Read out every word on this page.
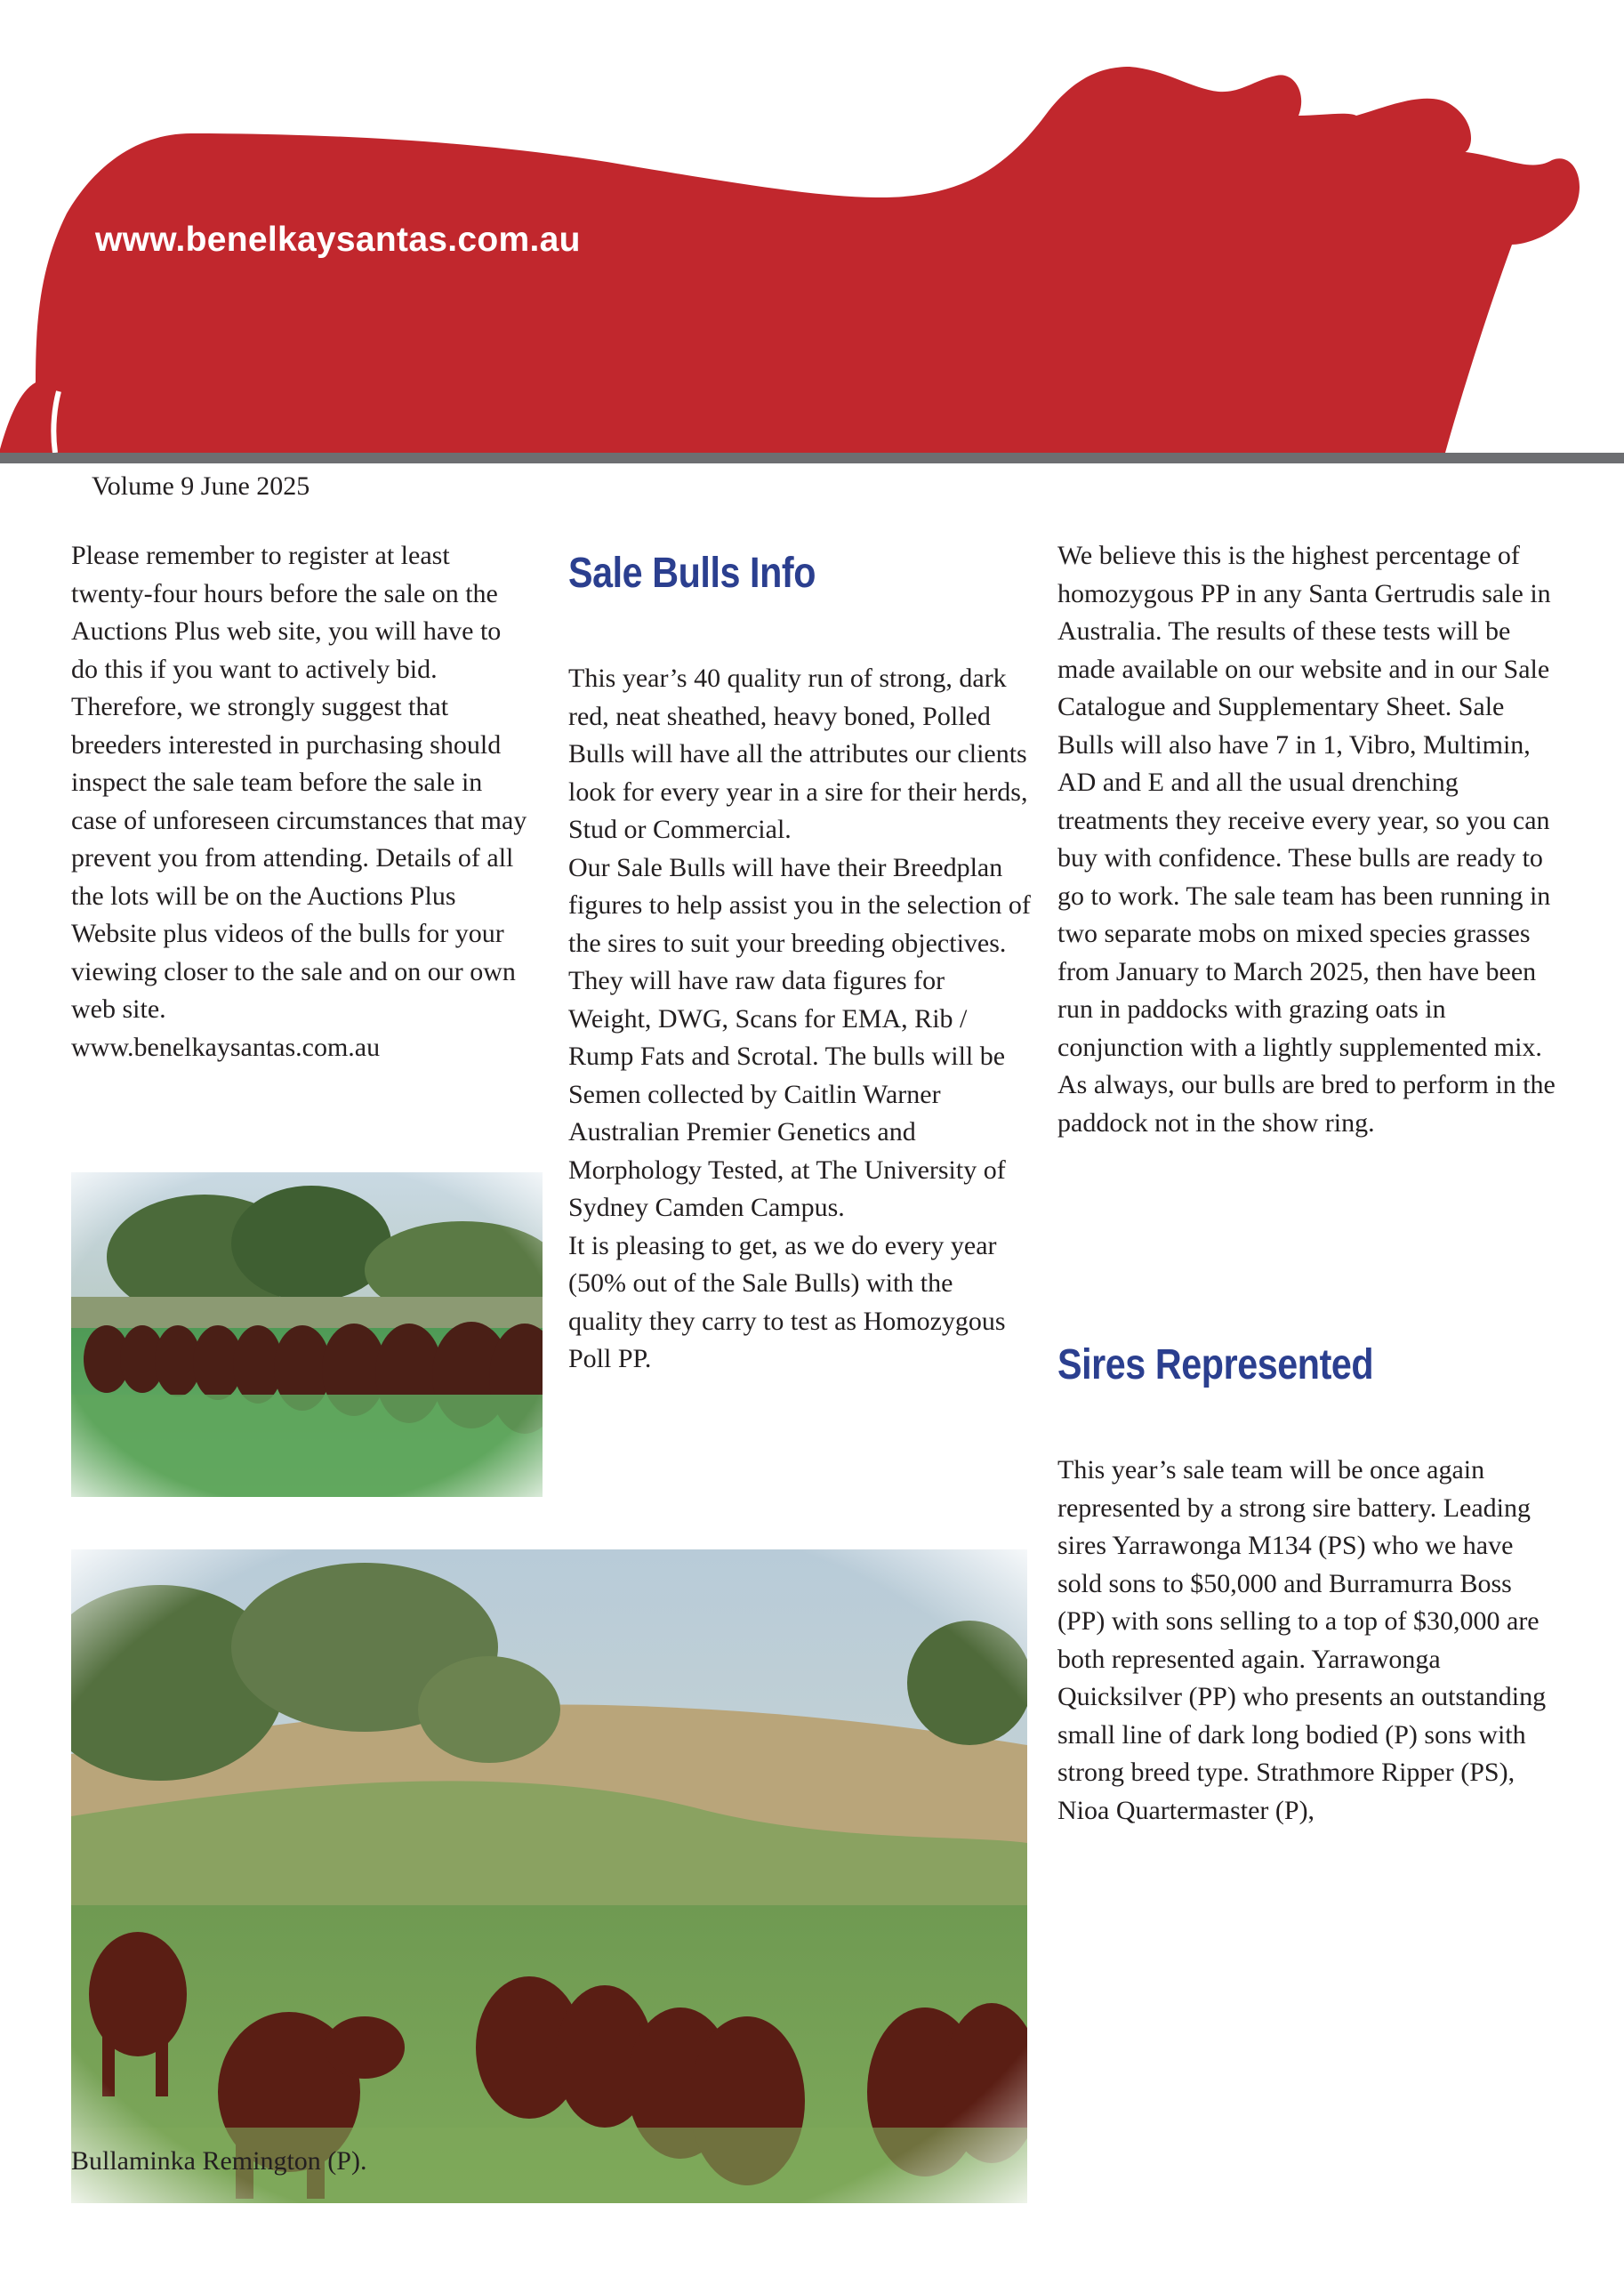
www.benelkaysantas.com.au
Volume 9 June 2025

Please remember to register at least twenty-four hours before the sale on the Auctions Plus web site, you will have to do this if you want to actively bid. Therefore, we strongly suggest that breeders interested in purchasing should inspect the sale team before the sale in case of unforeseen circumstances that may prevent you from attending. Details of all the lots will be on the Auctions Plus Website plus videos of the bulls for your viewing closer to the sale and on our own web site.

www.benelkaysantas.com.au

Sale Bulls Info

This year’s 40 quality run of strong, dark red, neat sheathed, heavy boned, Polled Bulls will have all the attributes our clients look for every year in a sire for their herds, Stud or Commercial.

Our Sale Bulls will have their Breedplan figures to help assist you in the selection of the sires to suit your breeding objectives. They will have raw data figures for Weight, DWG, Scans for EMA, Rib / Rump Fats and Scrotal. The bulls will be Semen collected by Caitlin Warner Australian Premier Genetics and Morphology Tested, at The University of Sydney Camden Campus.

It is pleasing to get, as we do every year (50% out of the Sale Bulls) with the quality they carry to test as Homozygous Poll PP.

We believe this is the highest percentage of homozygous PP in any Santa Gertrudis sale in Australia. The results of these tests will be made available on our website and in our Sale Catalogue and Supplementary Sheet. Sale Bulls will also have 7 in 1, Vibro, Multimin, AD and E and all the usual drenching treatments they receive every year, so you can buy with confidence. These bulls are ready to go to work. The sale team has been running in two separate mobs on mixed species grasses from January to March 2025, then have been run in paddocks with grazing oats in conjunction with a lightly supplemented mix. As always, our bulls are bred to perform in the paddock not in the show ring.

Sires Represented

This year’s sale team will be once again represented by a strong sire battery. Leading sires Yarrawonga M134 (PS) who we have sold sons to $50,000 and Burramurra Boss (PP) with sons selling to a top of $30,000 are both represented again. Yarrawonga Quicksilver (PP) who presents an outstanding small line of dark long bodied (P) sons with strong breed type. Strathmore Ripper (PS), Nioa Quartermaster (P),

Bullaminka Remington (P).
